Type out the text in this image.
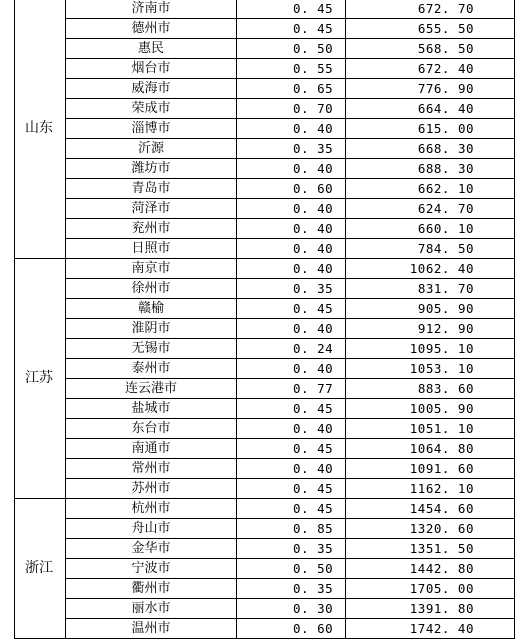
山东	济南市	0. 45	672. 70
	德州市	0. 45	655. 50
	惠民	0. 50	568. 50
	烟台市	0. 55	672. 40
	威海市	0. 65	776. 90
	荣成市	0. 70	664. 40
	淄博市	0. 40	615. 00
	沂源	0. 35	668. 30
	潍坊市	0. 40	688. 30
	青岛市	0. 60	662. 10
	菏泽市	0. 40	624. 70
	兖州市	0. 40	660. 10
	日照市	0. 40	784. 50
江苏	南京市	0. 40	1062. 40
	徐州市	0. 35	831. 70
	赣榆	0. 45	905. 90
	淮阴市	0. 40	912. 90
	无锡市	0. 24	1095. 10
	泰州市	0. 40	1053. 10
	连云港市	0. 77	883. 60
	盐城市	0. 45	1005. 90
	东台市	0. 40	1051. 10
	南通市	0. 45	1064. 80
	常州市	0. 40	1091. 60
	苏州市	0. 45	1162. 10
浙江	杭州市	0. 45	1454. 60
	舟山市	0. 85	1320. 60
	金华市	0. 35	1351. 50
	宁波市	0. 50	1442. 80
	衢州市	0. 35	1705. 00
	丽水市	0. 30	1391. 80
	温州市	0. 60	1742. 40
